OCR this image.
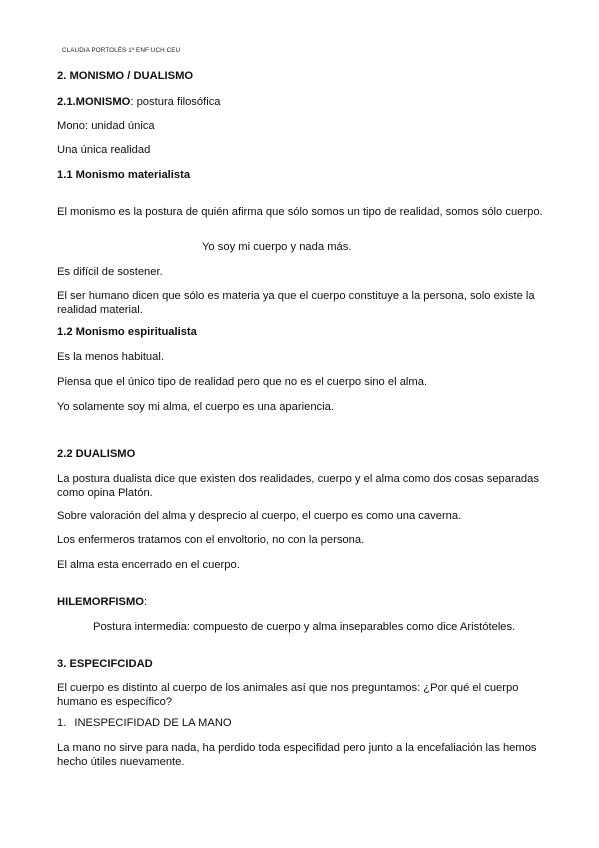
CLAUDIA PORTOLÉS 1º ENF UCH CEU
2. MONISMO / DUALISMO
2.1.MONISMO: postura filosófica
Mono: unidad única
Una única realidad
1.1 Monismo materialista
El monismo es la postura de quién afirma que sólo somos un tipo de realidad, somos sólo cuerpo.
Yo soy mi cuerpo y nada más.
Es difícil de sostener.
El ser humano dicen que sólo es materia ya que el cuerpo constituye a la persona, solo existe la realidad material.
1.2 Monismo espiritualista
Es la menos habitual.
Piensa que el único tipo de realidad pero que no es el cuerpo sino el alma.
Yo solamente soy mi alma, el cuerpo es una apariencia.
2.2 DUALISMO
La postura dualista dice que existen dos realidades, cuerpo y el alma como dos cosas separadas como opina Platón.
Sobre valoración del alma y desprecio al cuerpo, el cuerpo es como una caverna.
Los enfermeros tratamos con el envoltorio, no con la persona.
El alma esta encerrado en el cuerpo.
HILEMORFISMO:
Postura intermedia: compuesto de cuerpo y alma inseparables como dice Aristóteles.
3. ESPECIFCIDAD
El cuerpo es distinto al cuerpo de los animales así que nos preguntamos: ¿Por qué el cuerpo humano es específico?
1. INESPECIFIDAD DE LA MANO
La mano no sirve para nada, ha perdido toda especifidad pero junto a la encefaliación las hemos hecho útiles nuevamente.
